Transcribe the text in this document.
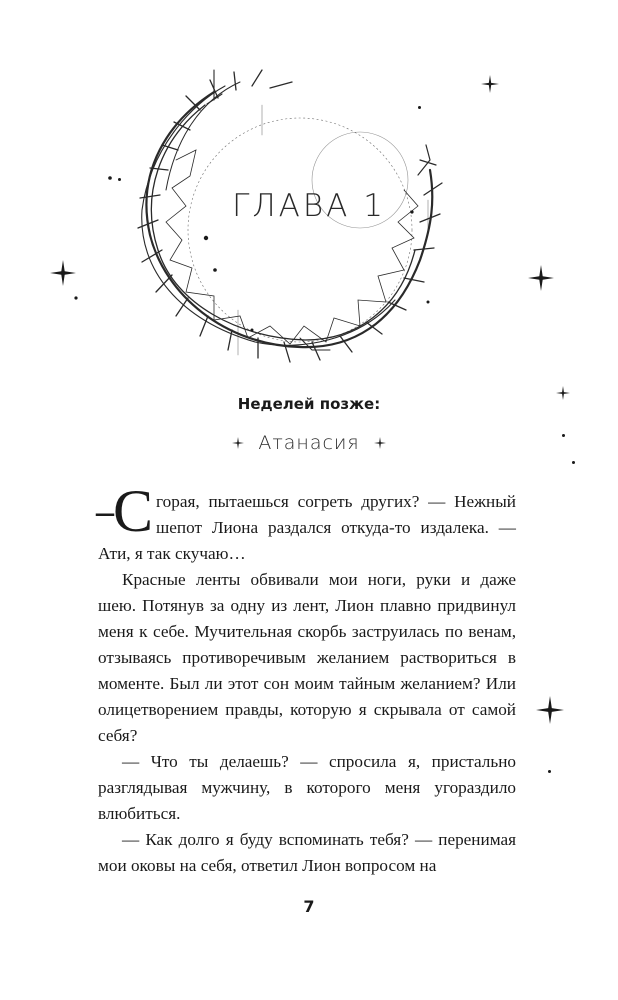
ГЛАВА 1
Неделей позже:
Атанасия

– С горая, пытаешься согреть других? — Нежный шепот Лиона раздался откуда-то издалека. — Ати, я так скучаю…

Красные ленты обвивали мои ноги, руки и даже шею. Потянув за одну из лент, Лион плавно придвинул меня к себе. Мучительная скорбь заструилась по венам, отзываясь противоречивым желанием раствориться в моменте. Был ли этот сон моим тайным желанием? Или олицетворением правды, которую я скрывала от самой себя?

— Что ты делаешь? — спросила я, пристально разглядывая мужчину, в которого меня угораздило влюбиться.

— Как долго я буду вспоминать тебя? — перенимая мои оковы на себя, ответил Лион вопросом на

7
